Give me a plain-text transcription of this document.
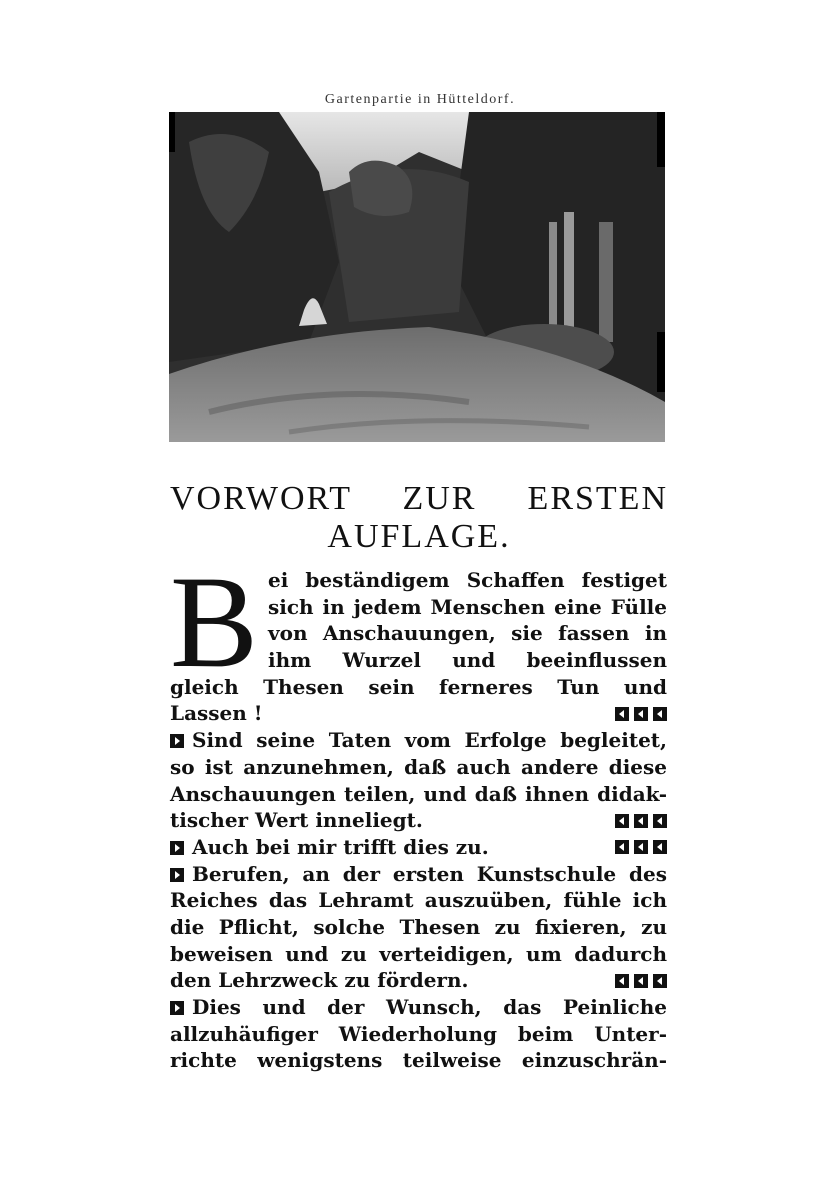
Gartenpartie in Hütteldorf.
VORWORT ZUR ERSTEN
AUFLAGE.
B ei beständigem Schaffen festiget
sich in jedem Menschen eine Fülle
von Anschauungen, sie fassen in
ihm Wurzel und beeinflussen
gleich Thesen sein ferneres Tun und
Lassen !
Sind seine Taten vom Erfolge begleitet,
so ist anzunehmen, daß auch andere diese
Anschauungen teilen, und daß ihnen didak-
tischer Wert inneliegt.
Auch bei mir trifft dies zu.
Berufen, an der ersten Kunstschule des
Reiches das Lehramt auszuüben, fühle ich
die Pflicht, solche Thesen zu fixieren, zu
beweisen und zu verteidigen, um dadurch
den Lehrzweck zu fördern.
Dies und der Wunsch, das Peinliche
allzuhäufiger Wiederholung beim Unter-
richte wenigstens teilweise einzuschrän-
